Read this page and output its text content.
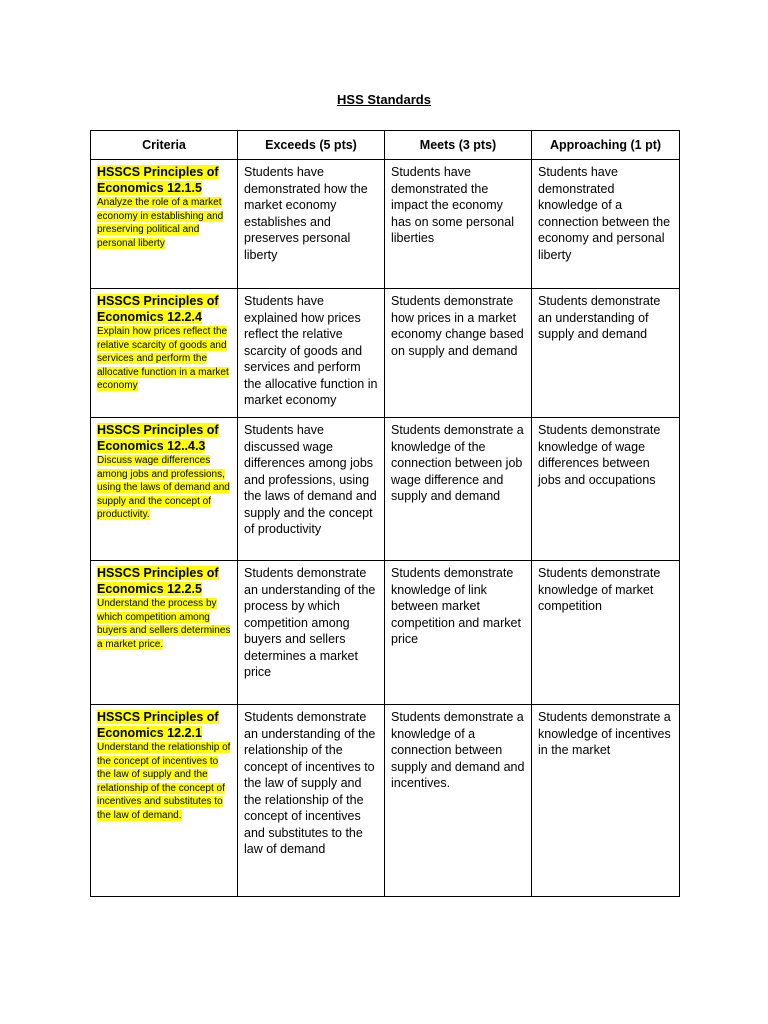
HSS Standards
Criteria	Exceeds (5 pts)	Meets (3 pts)	Approaching (1 pt)

HSSCS Principles of Economics 12.1.5
Analyze the role of a market economy in establishing and preserving political and personal liberty	Students have demonstrated how the market economy establishes and preserves personal liberty	Students have demonstrated the impact the economy has on some personal liberties	Students have demonstrated knowledge of a connection between the economy and personal liberty

HSSCS Principles of Economics 12.2.4
Explain how prices reflect the relative scarcity of goods and services and perform the allocative function in a market economy	Students have explained how prices reflect the relative scarcity of goods and services and perform the allocative function in market economy	Students demonstrate how prices in a market economy change based on supply and demand	Students demonstrate an understanding of supply and demand

HSSCS Principles of Economics 12..4.3
Discuss wage differences among jobs and professions, using the laws of demand and supply and the concept of productivity.	Students have discussed wage differences among jobs and professions, using the laws of demand and supply and the concept of productivity	Students demonstrate a knowledge of the connection between job wage difference and supply and demand	Students demonstrate knowledge of wage differences between jobs and occupations

HSSCS Principles of Economics 12.2.5
Understand the process by which competition among buyers and sellers determines a market price.	Students demonstrate an understanding of the process by which competition among buyers and sellers determines a market price	Students demonstrate knowledge of link between market competition and market price	Students demonstrate knowledge of market competition

HSSCS Principles of Economics 12.2.1
Understand the relationship of the concept of incentives to the law of supply and the relationship of the concept of incentives and substitutes to the law of demand.	Students demonstrate an understanding of the relationship of the concept of incentives to the law of supply and the relationship of the concept of incentives and substitutes to the law of demand	Students demonstrate a knowledge of a connection between supply and demand and incentives.	Students demonstrate a knowledge of incentives in the market
